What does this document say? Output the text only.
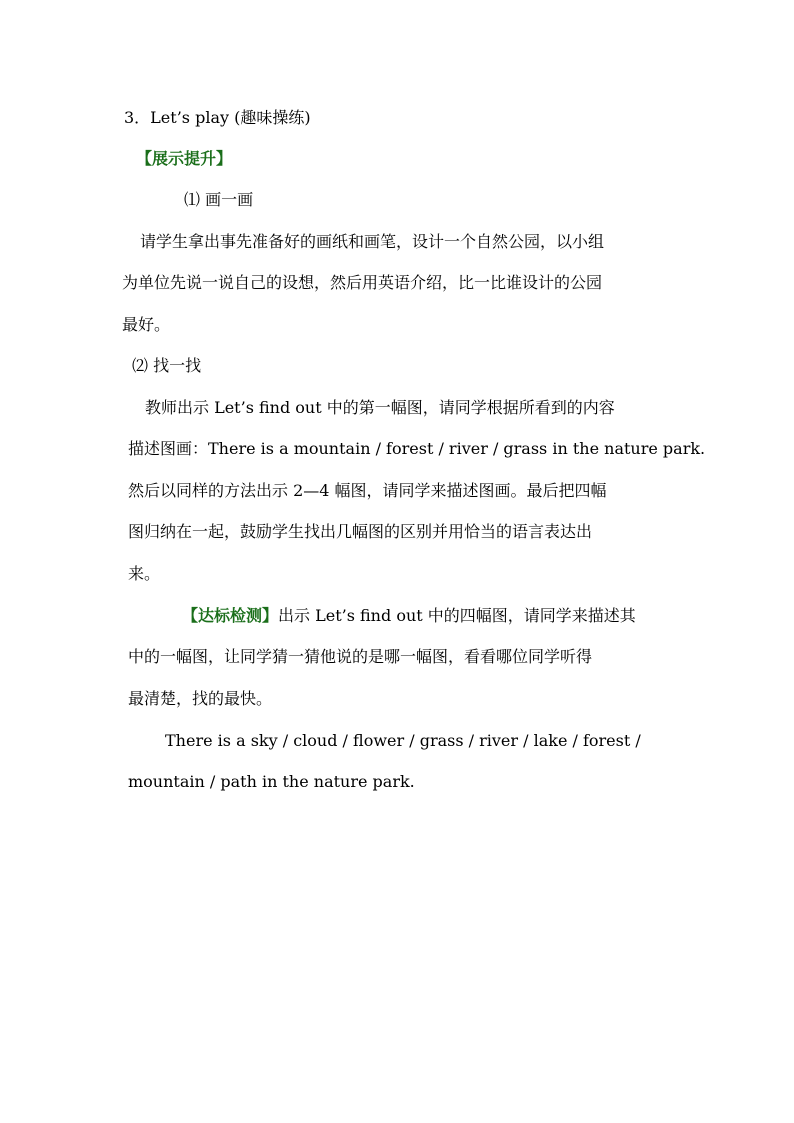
3．Let’s play (趣味操练)
【展示提升】
⑴ 画一画
请学生拿出事先准备好的画纸和画笔，设计一个自然公园，以小组
为单位先说一说自己的设想，然后用英语介绍，比一比谁设计的公园
最好。
⑵ 找一找
教师出示 Let’s find out 中的第一幅图，请同学根据所看到的内容
描述图画：There is a mountain / forest / river / grass in the nature park.
然后以同样的方法出示 2—4 幅图，请同学来描述图画。最后把四幅
图归纳在一起，鼓励学生找出几幅图的区别并用恰当的语言表达出
来。
【达标检测】出示 Let’s find out 中的四幅图，请同学来描述其
中的一幅图，让同学猜一猜他说的是哪一幅图，看看哪位同学听得
最清楚，找的最快。
There is a sky / cloud / flower / grass / river / lake / forest /
mountain / path in the nature park.
